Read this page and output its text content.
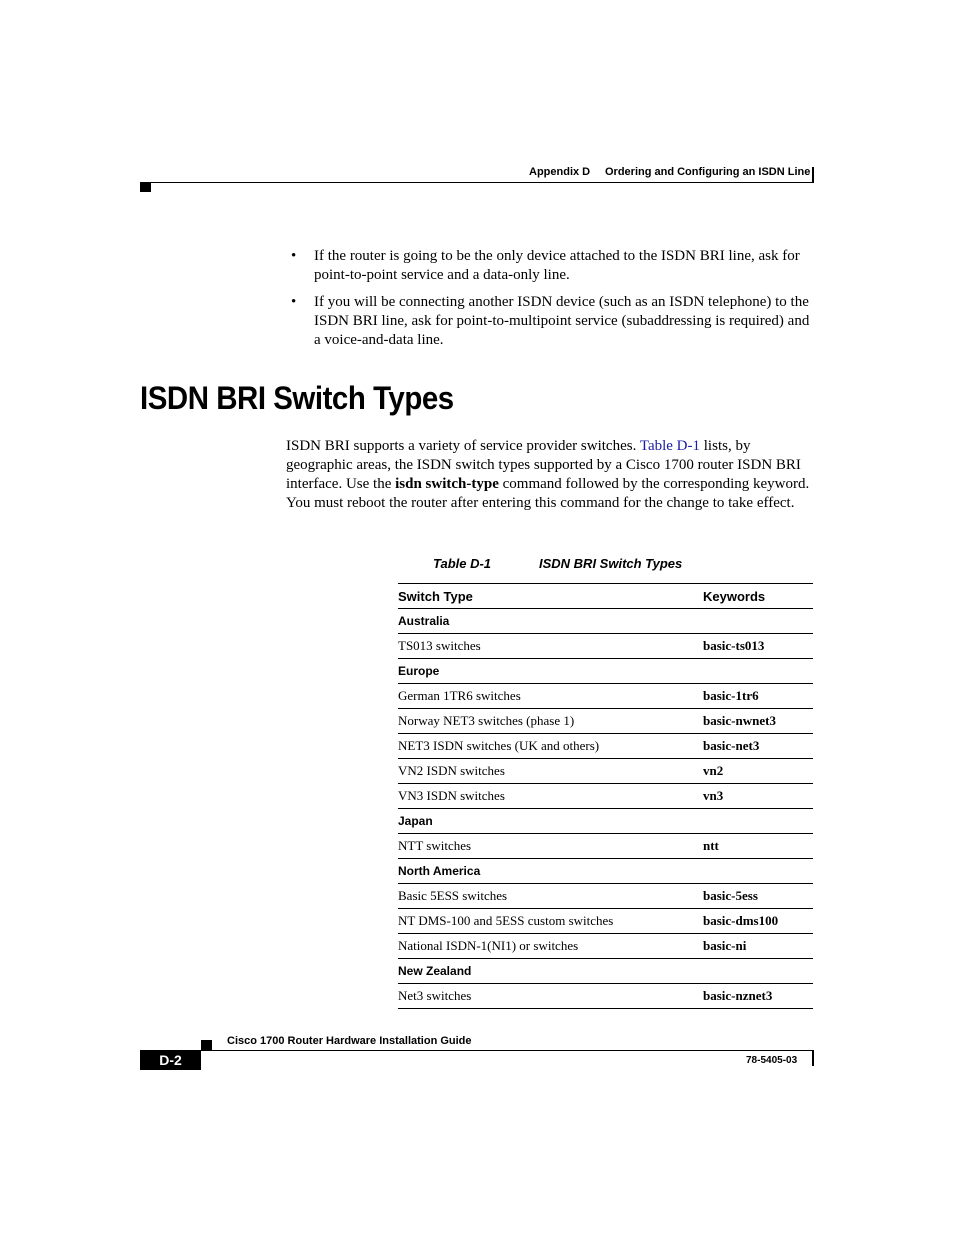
Appendix D Ordering and Configuring an ISDN Line
• If the router is going to be the only device attached to the ISDN BRI line, ask for point-to-point service and a data-only line.
• If you will be connecting another ISDN device (such as an ISDN telephone) to the ISDN BRI line, ask for point-to-multipoint service (subaddressing is required) and a voice-and-data line.
ISDN BRI Switch Types
ISDN BRI supports a variety of service provider switches. Table D-1 lists, by geographic areas, the ISDN switch types supported by a Cisco 1700 router ISDN BRI interface. Use the isdn switch-type command followed by the corresponding keyword. You must reboot the router after entering this command for the change to take effect.
Table D-1	ISDN BRI Switch Types
Switch Type	Keywords
Australia	
TS013 switches	basic-ts013
Europe	
German 1TR6 switches	basic-1tr6
Norway NET3 switches (phase 1)	basic-nwnet3
NET3 ISDN switches (UK and others)	basic-net3
VN2 ISDN switches	vn2
VN3 ISDN switches	vn3
Japan	
NTT switches	ntt
North America	
Basic 5ESS switches	basic-5ess
NT DMS-100 and 5ESS custom switches	basic-dms100
National ISDN-1(NI1) or switches	basic-ni
New Zealand	
Net3 switches	basic-nznet3
Cisco 1700 Router Hardware Installation Guide
D-2	78-5405-03
